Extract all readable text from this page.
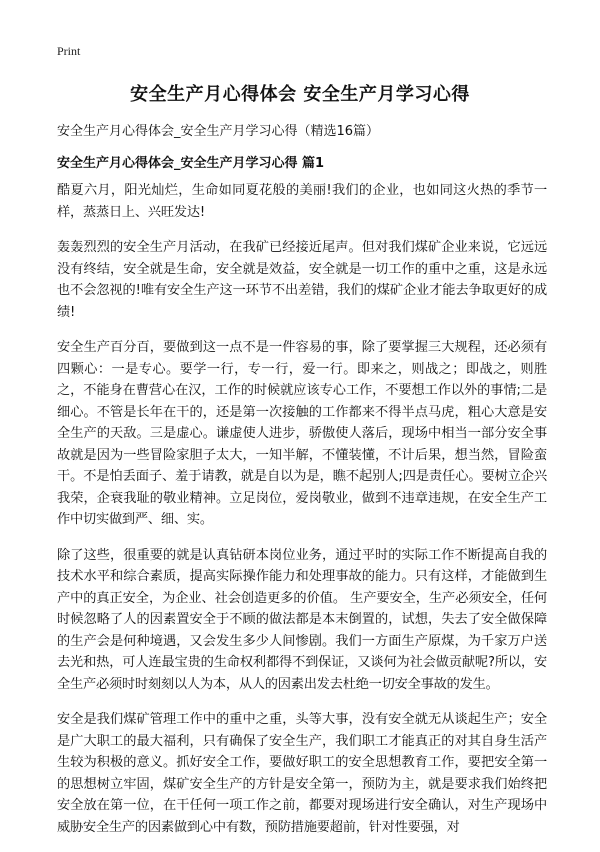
Print
安全生产月心得体会 安全生产月学习心得

安全生产月心得体会_安全生产月学习心得（精选16篇）

安全生产月心得体会_安全生产月学习心得 篇1

酷夏六月，阳光灿烂，生命如同夏花般的美丽!我们的企业，也如同这火热的季节一样，蒸蒸日上、兴旺发达!

轰轰烈烈的安全生产月活动，在我矿已经接近尾声。但对我们煤矿企业来说，它远远没有终结，安全就是生命，安全就是效益，安全就是一切工作的重中之重，这是永远也不会忽视的!唯有安全生产这一环节不出差错，我们的煤矿企业才能去争取更好的成绩!

安全生产百分百，要做到这一点不是一件容易的事，除了要掌握三大规程，还必须有四颗心：一是专心。要学一行，专一行，爱一行。即来之，则战之；即战之，则胜之，不能身在曹营心在汉，工作的时候就应该专心工作，不要想工作以外的事情;二是细心。不管是长年在干的，还是第一次接触的工作都来不得半点马虎，粗心大意是安全生产的天敌。三是虚心。谦虚使人进步，骄傲使人落后，现场中相当一部分安全事故就是因为一些冒险家胆子太大，一知半解，不懂装懂，不计后果，想当然，冒险蛮干。不是怕丢面子、羞于请教，就是自以为是，瞧不起别人;四是责任心。要树立企兴我荣，企衰我耻的敬业精神。立足岗位，爱岗敬业，做到不违章违规，在安全生产工作中切实做到严、细、实。

除了这些，很重要的就是认真钻研本岗位业务，通过平时的实际工作不断提高自我的技术水平和综合素质，提高实际操作能力和处理事故的能力。只有这样，才能做到生产中的真正安全，为企业、社会创造更多的价值。 生产要安全，生产必须安全，任何时候忽略了人的因素置安全于不顾的做法都是本末倒置的，试想，失去了安全做保障的生产会是何种境遇，又会发生多少人间惨剧。我们一方面生产原煤，为千家万户送去光和热，可人连最宝贵的生命权利都得不到保证，又谈何为社会做贡献呢?所以，安全生产必须时时刻刻以人为本，从人的因素出发去杜绝一切安全事故的发生。

安全是我们煤矿管理工作中的重中之重，头等大事，没有安全就无从谈起生产；安全是广大职工的最大福利，只有确保了安全生产，我们职工才能真正的对其自身生活产生较为积极的意义。抓好安全工作，要做好职工的安全思想教育工作，要把安全第一的思想树立牢固，煤矿安全生产的方针是安全第一，预防为主，就是要求我们始终把安全放在第一位，在干任何一项工作之前，都要对现场进行安全确认，对生产现场中威胁安全生产的因素做到心中有数，预防措施要超前，针对性要强，对
